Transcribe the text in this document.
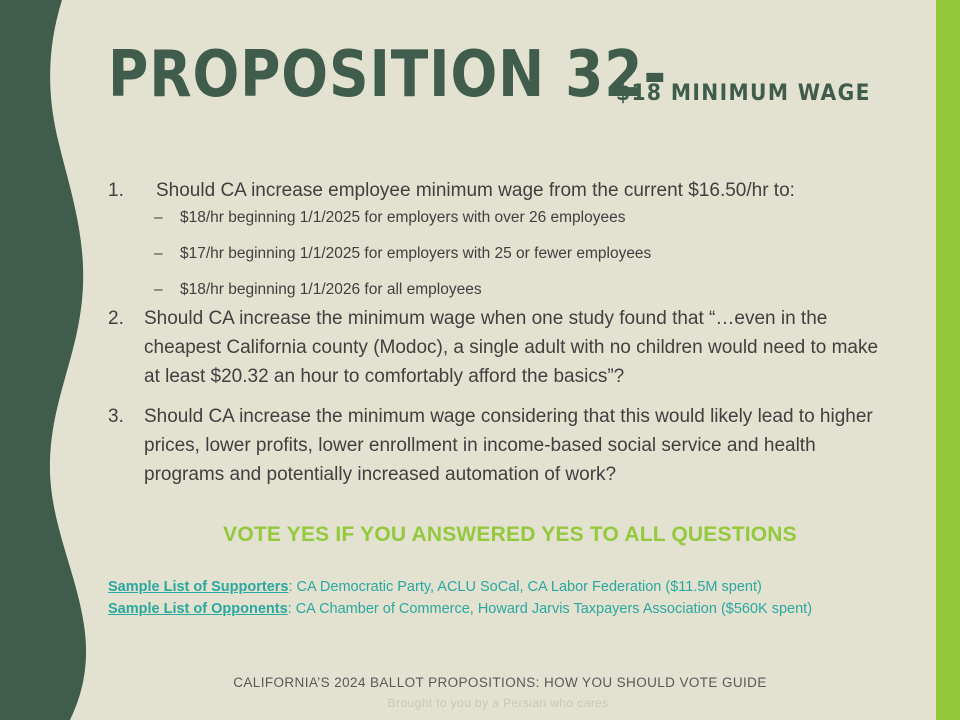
PROPOSITION 32-
$18 MINIMUM WAGE
1. Should CA increase employee minimum wage from the current $16.50/hr to:
– $18/hr beginning 1/1/2025 for employers with over 26 employees
– $17/hr beginning 1/1/2025 for employers with 25 or fewer employees
– $18/hr beginning 1/1/2026 for all employees
2. Should CA increase the minimum wage when one study found that “…even in the cheapest California county (Modoc), a single adult with no children would need to make at least $20.32 an hour to comfortably afford the basics”?
3. Should CA increase the minimum wage considering that this would likely lead to higher prices, lower profits, lower enrollment in income-based social service and health programs and potentially increased automation of work?
VOTE YES IF YOU ANSWERED YES TO ALL QUESTIONS
Sample List of Supporters: CA Democratic Party, ACLU SoCal, CA Labor Federation ($11.5M spent)
Sample List of Opponents: CA Chamber of Commerce, Howard Jarvis Taxpayers Association ($560K spent)
CALIFORNIA’S 2024 BALLOT PROPOSITIONS: HOW YOU SHOULD VOTE GUIDE
Brought to you by a Persian who cares.
